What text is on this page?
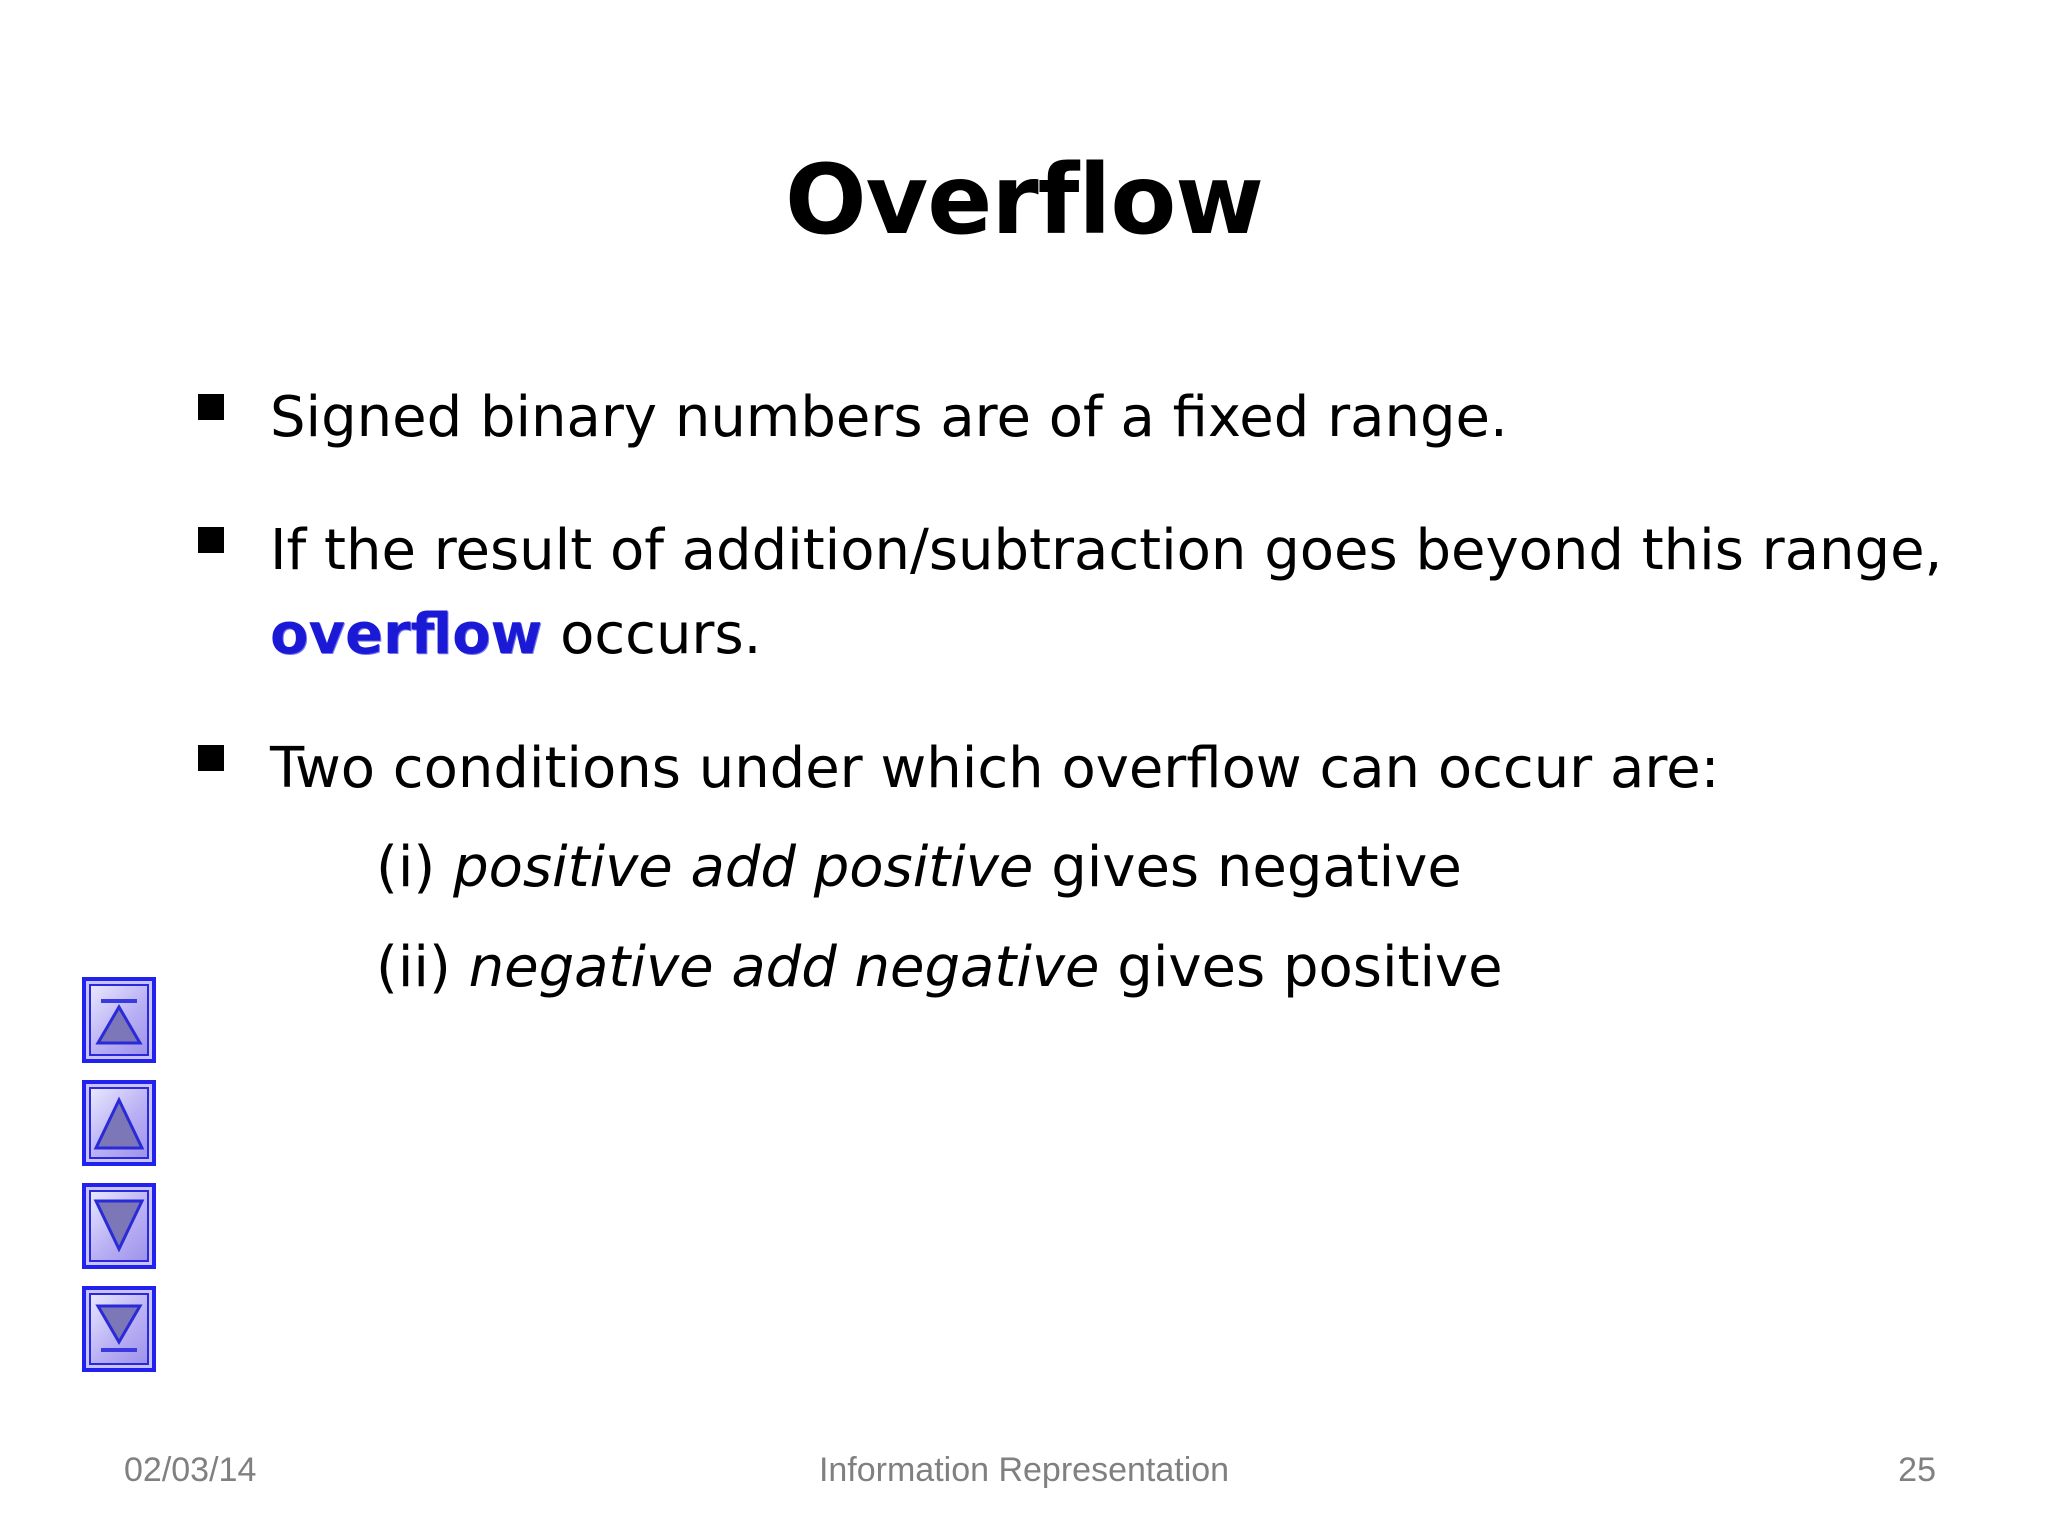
Overflow
Signed binary numbers are of a fixed range.
If the result of addition/subtraction goes beyond this range,
overflow occurs.
Two conditions under which overflow can occur are:
(i) positive add positive gives negative
(ii) negative add negative gives positive
02/03/14	Information Representation	25
